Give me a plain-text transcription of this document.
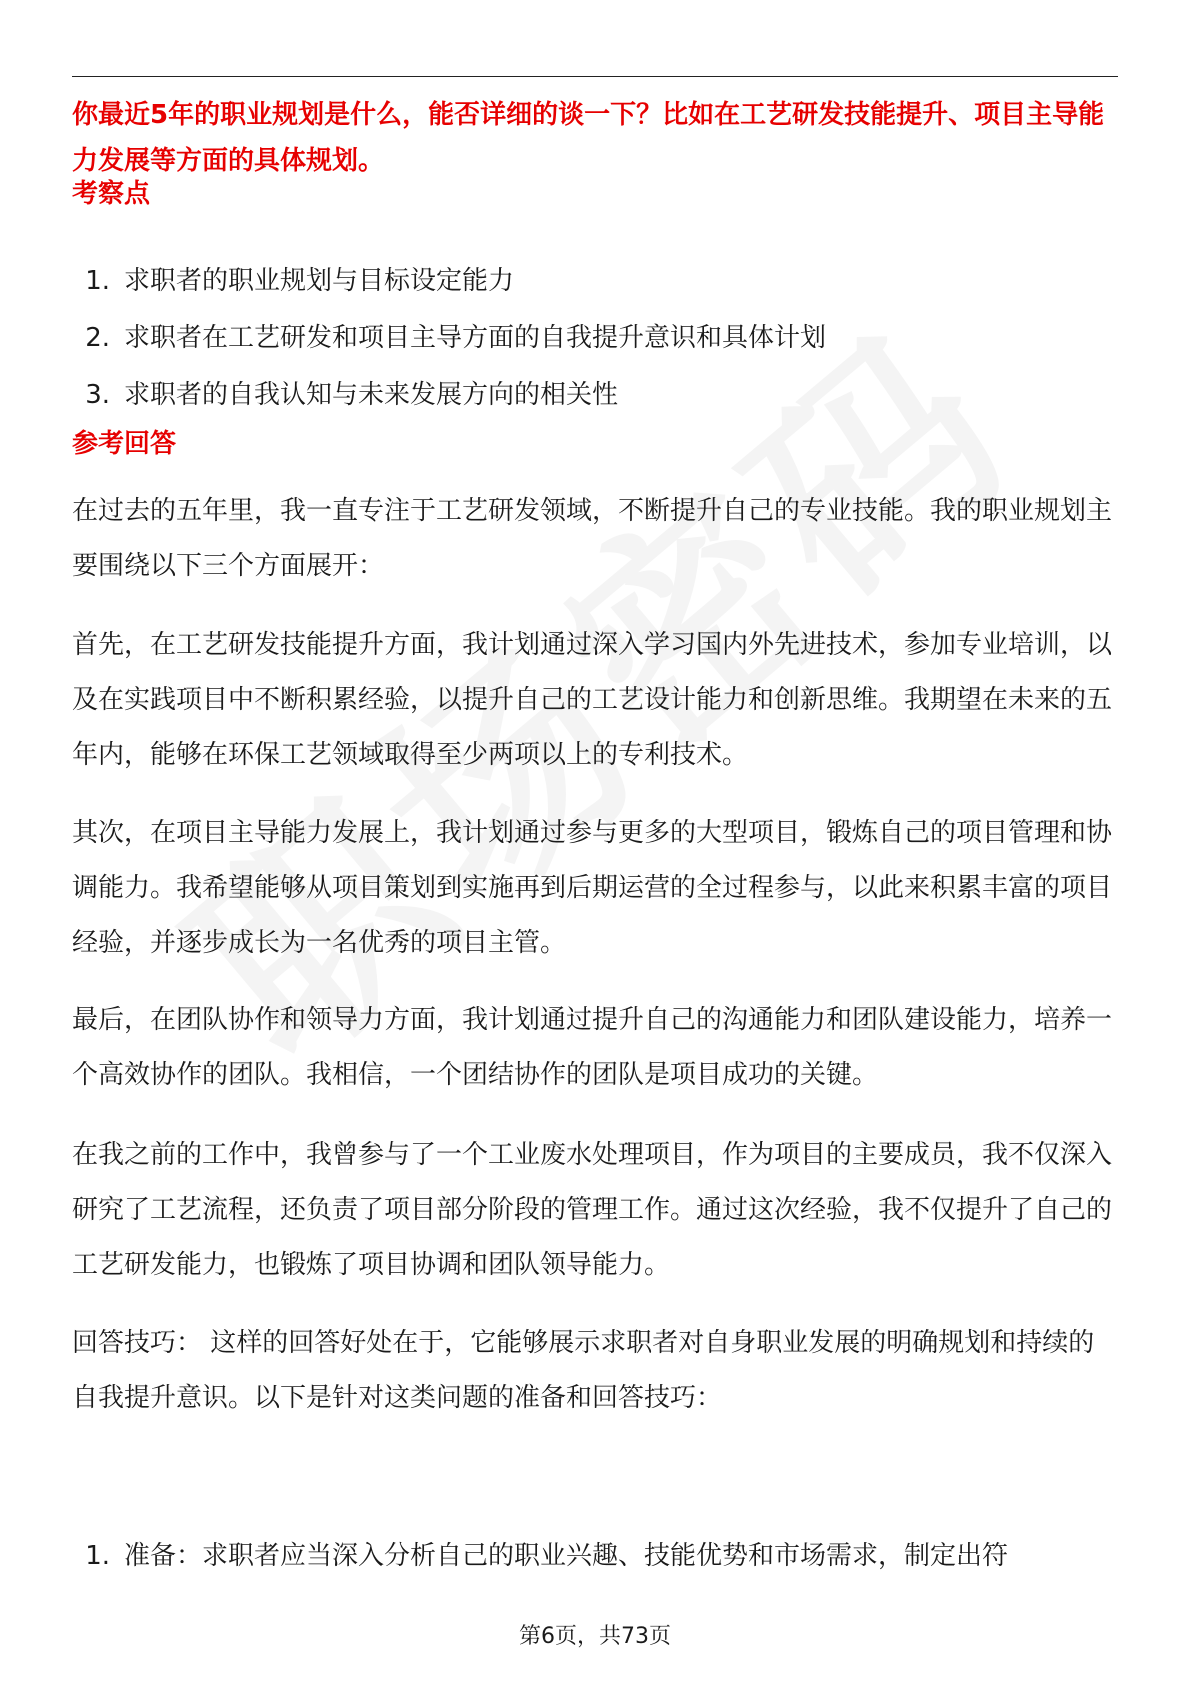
你最近5年的职业规划是什么，能否详细的谈一下？比如在工艺研发技能提升、项目主导能力发展等方面的具体规划。

考察点
1. 求职者的职业规划与目标设定能力
2. 求职者在工艺研发和项目主导方面的自我提升意识和具体计划
3. 求职者的自我认知与未来发展方向的相关性
参考回答

在过去的五年里，我一直专注于工艺研发领域，不断提升自己的专业技能。我的职业规划主要围绕以下三个方面展开：

首先，在工艺研发技能提升方面，我计划通过深入学习国内外先进技术，参加专业培训，以及在实践项目中不断积累经验，以提升自己的工艺设计能力和创新思维。我期望在未来的五年内，能够在环保工艺领域取得至少两项以上的专利技术。

其次，在项目主导能力发展上，我计划通过参与更多的大型项目，锻炼自己的项目管理和协调能力。我希望能够从项目策划到实施再到后期运营的全过程参与，以此来积累丰富的项目经验，并逐步成长为一名优秀的项目主管。

最后，在团队协作和领导力方面，我计划通过提升自己的沟通能力和团队建设能力，培养一个高效协作的团队。我相信，一个团结协作的团队是项目成功的关键。

在我之前的工作中，我曾参与了一个工业废水处理项目，作为项目的主要成员，我不仅深入研究了工艺流程，还负责了项目部分阶段的管理工作。通过这次经验，我不仅提升了自己的工艺研发能力，也锻炼了项目协调和团队领导能力。

回答技巧： 这样的回答好处在于，它能够展示求职者对自身职业发展的明确规划和持续的自我提升意识。以下是针对这类问题的准备和回答技巧：

1. 准备：求职者应当深入分析自己的职业兴趣、技能优势和市场需求，制定出符
第6页，共73页
